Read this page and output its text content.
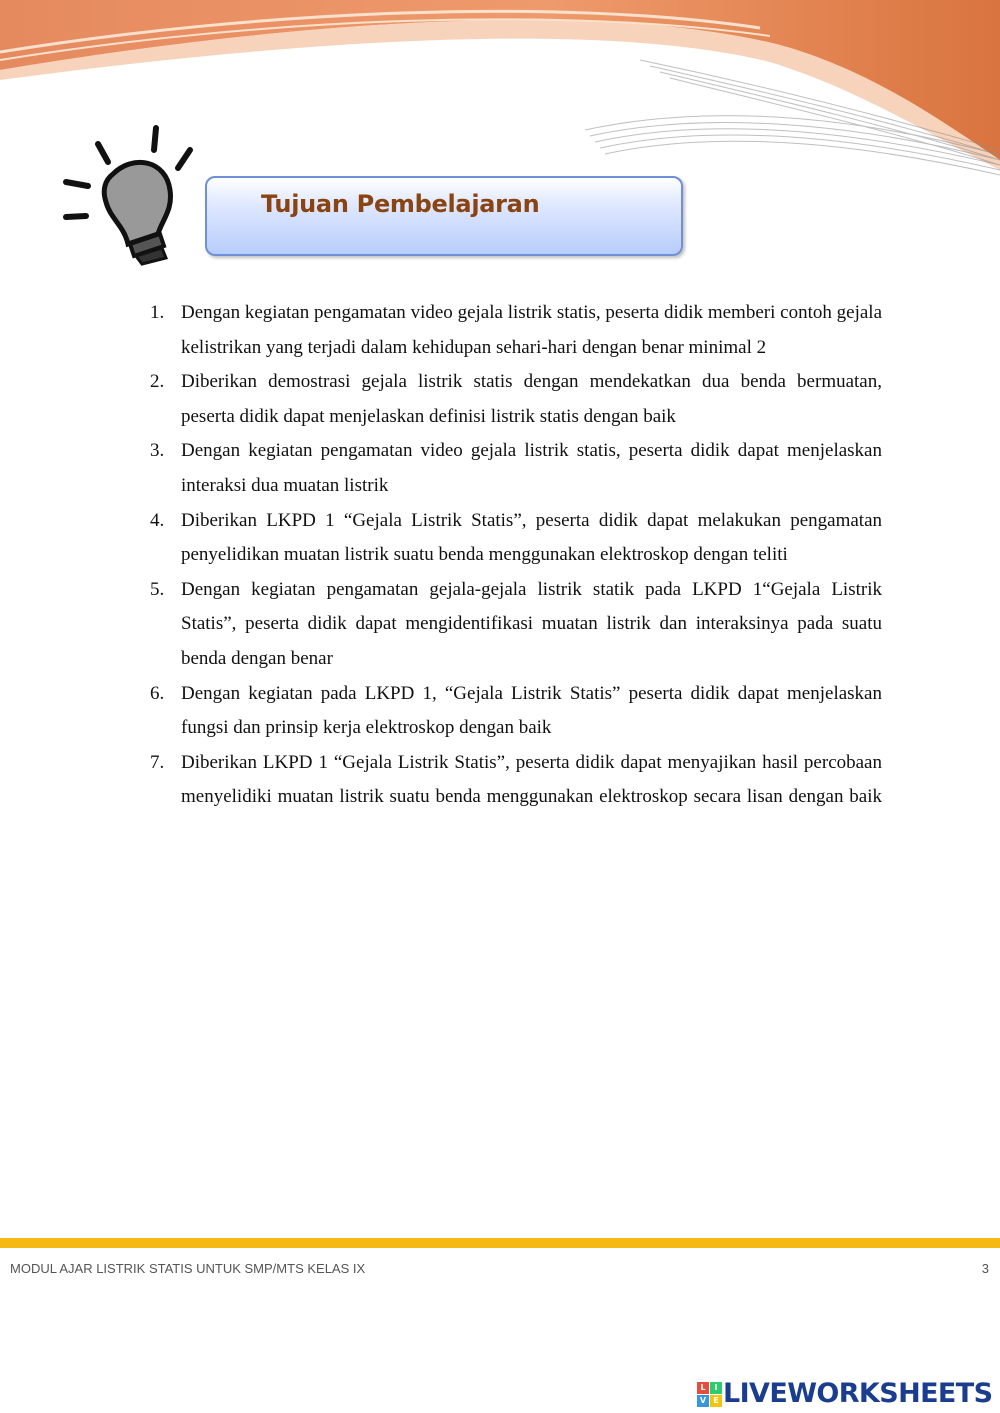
Tujuan Pembelajaran
1. Dengan kegiatan pengamatan video gejala listrik statis, peserta didik memberi contoh gejala kelistrikan yang terjadi dalam kehidupan sehari-hari dengan benar minimal 2
2. Diberikan demostrasi gejala listrik statis dengan mendekatkan dua benda bermuatan, peserta didik dapat menjelaskan definisi listrik statis dengan baik
3. Dengan kegiatan pengamatan video gejala listrik statis, peserta didik dapat menjelaskan interaksi dua muatan listrik
4. Diberikan LKPD 1 “Gejala Listrik Statis”, peserta didik dapat melakukan pengamatan penyelidikan muatan listrik suatu benda menggunakan elektroskop dengan teliti
5. Dengan kegiatan pengamatan gejala-gejala listrik statik pada LKPD 1“Gejala Listrik Statis”, peserta didik dapat mengidentifikasi muatan listrik dan interaksinya pada suatu benda dengan benar
6. Dengan kegiatan pada LKPD 1, “Gejala Listrik Statis” peserta didik dapat menjelaskan fungsi dan prinsip kerja elektroskop dengan baik
7. Diberikan LKPD 1 “Gejala Listrik Statis”, peserta didik dapat menyajikan hasil percobaan menyelidiki muatan listrik suatu benda menggunakan elektroskop secara lisan dengan baik
MODUL AJAR LISTRIK STATIS UNTUK SMP/MTS KELAS IX	3
L	I
V E LIVEWORKSHEETS
